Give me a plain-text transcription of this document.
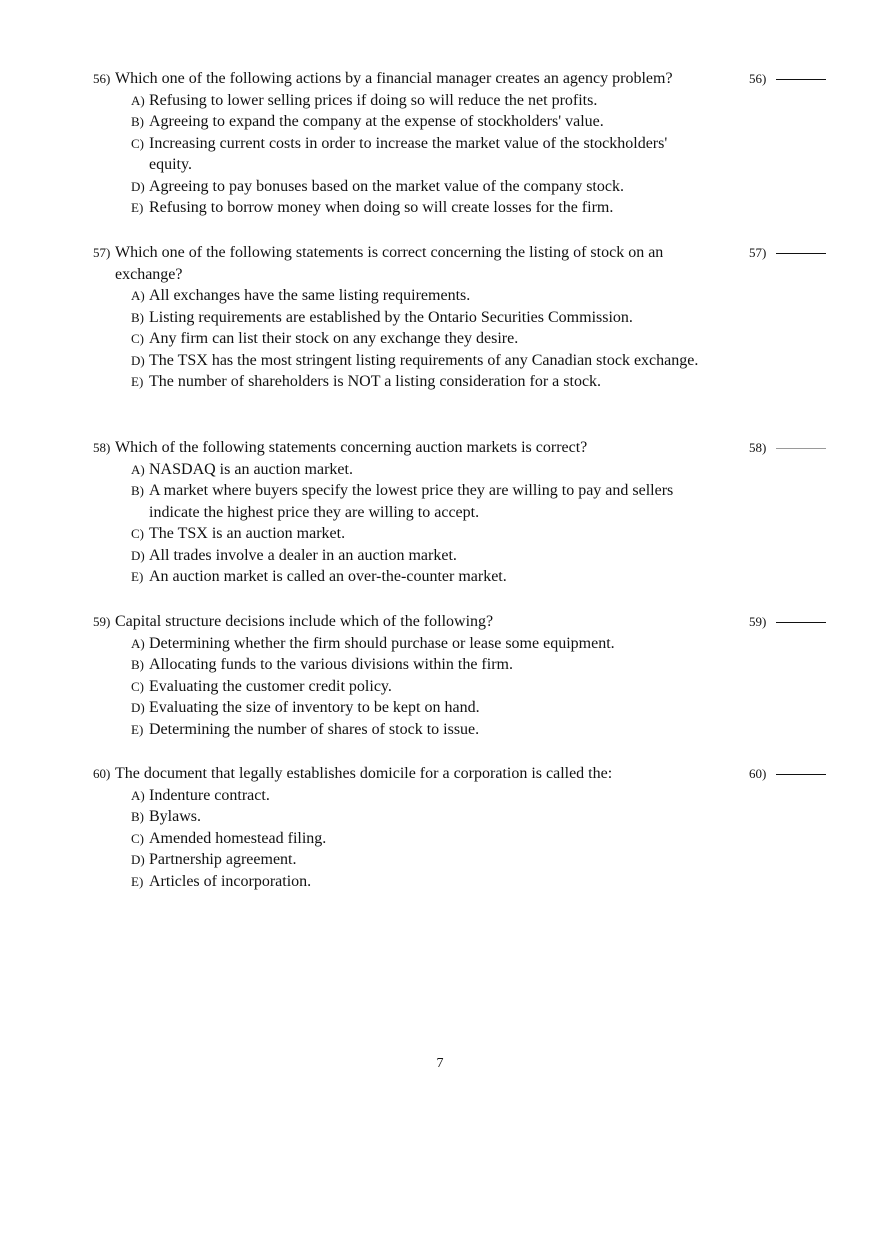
56) Which one of the following actions by a financial manager creates an agency problem?	56)
A) Refusing to lower selling prices if doing so will reduce the net profits.
B) Agreeing to expand the company at the expense of stockholders' value.
C) Increasing current costs in order to increase the market value of the stockholders' equity.
D) Agreeing to pay bonuses based on the market value of the company stock.
E) Refusing to borrow money when doing so will create losses for the firm.
57) Which one of the following statements is correct concerning the listing of stock on an exchange?
57)
A) All exchanges have the same listing requirements.
B) Listing requirements are established by the Ontario Securities Commission.
C) Any firm can list their stock on any exchange they desire.
D) The TSX has the most stringent listing requirements of any Canadian stock exchange.
E) The number of shareholders is NOT a listing consideration for a stock.
58) Which of the following statements concerning auction markets is correct?	58)
A) NASDAQ is an auction market.
B) A market where buyers specify the lowest price they are willing to pay and sellers indicate the highest price they are willing to accept.
C) The TSX is an auction market.
D) All trades involve a dealer in an auction market.
E) An auction market is called an over-the-counter market.
59) Capital structure decisions include which of the following?	59)
A) Determining whether the firm should purchase or lease some equipment.
B) Allocating funds to the various divisions within the firm.
C) Evaluating the customer credit policy.
D) Evaluating the size of inventory to be kept on hand.
E) Determining the number of shares of stock to issue.
60) The document that legally establishes domicile for a corporation is called the:	60)
A) Indenture contract.
B) Bylaws.
C) Amended homestead filing.
D) Partnership agreement.
E) Articles of incorporation.
7
